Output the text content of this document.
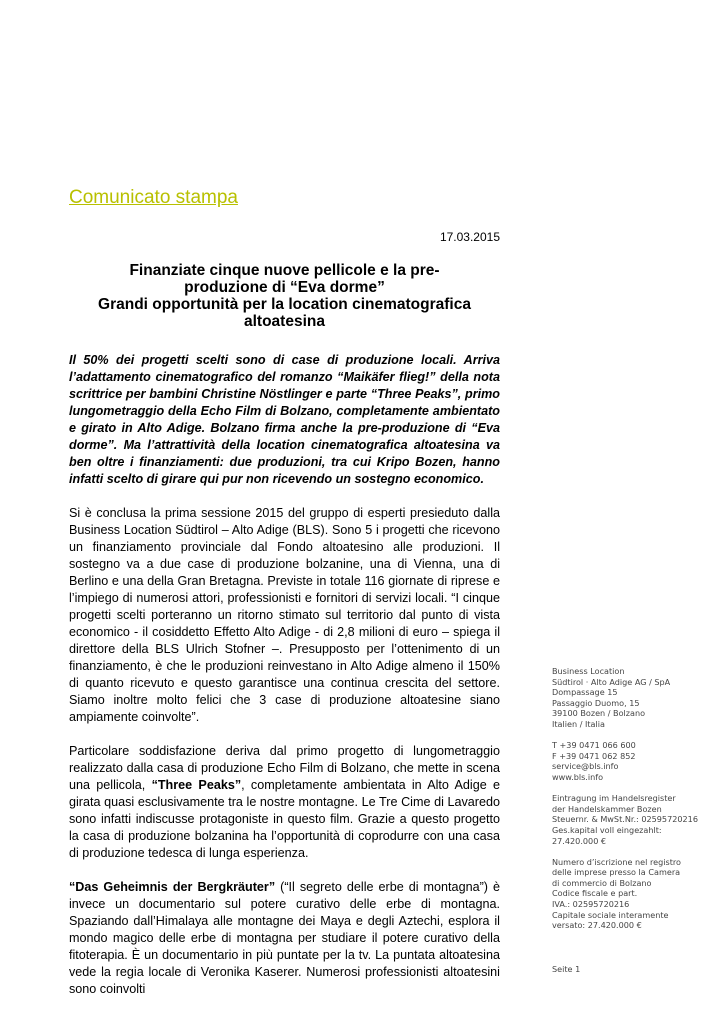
Comunicato stampa
17.03.2015
Finanziate cinque nuove pellicole e la pre-
produzione di “Eva dorme”
Grandi opportunità per la location cinematografica
altoatesina

Il 50% dei progetti scelti sono di case di produzione locali. Arriva l’adattamento cinematografico del romanzo “Maikäfer flieg!” della nota scrittrice per bambini Christine Nöstlinger e parte “Three Peaks”, primo lungometraggio della Echo Film di Bolzano, completamente ambientato e girato in Alto Adige. Bolzano firma anche la pre-produzione di “Eva dorme”. Ma l’attrattività della location cinematografica altoatesina va ben oltre i finanziamenti: due produzioni, tra cui Kripo Bozen, hanno infatti scelto di girare qui pur non ricevendo un sostegno economico.

Si è conclusa la prima sessione 2015 del gruppo di esperti presieduto dalla Business Location Südtirol – Alto Adige (BLS). Sono 5 i progetti che ricevono un finanziamento provinciale dal Fondo altoatesino alle produzioni. Il sostegno va a due case di produzione bolzanine, una di Vienna, una di Berlino e una della Gran Bretagna. Previste in totale 116 giornate di riprese e l’impiego di numerosi attori, professionisti e fornitori di servizi locali. “I cinque progetti scelti porteranno un ritorno stimato sul territorio dal punto di vista economico - il cosiddetto Effetto Alto Adige - di 2,8 milioni di euro – spiega il direttore della BLS Ulrich Stofner –. Presupposto per l’ottenimento di un finanziamento, è che le produzioni reinvestano in Alto Adige almeno il 150% di quanto ricevuto e questo garantisce una continua crescita del settore. Siamo inoltre molto felici che 3 case di produzione altoatesine siano ampiamente coinvolte”.

Particolare soddisfazione deriva dal primo progetto di lungometraggio realizzato dalla casa di produzione Echo Film di Bolzano, che mette in scena una pellicola, “Three Peaks”, completamente ambientata in Alto Adige e girata quasi esclusivamente tra le nostre montagne. Le Tre Cime di Lavaredo sono infatti indiscusse protagoniste in questo film. Grazie a questo progetto la casa di produzione bolzanina ha l’opportunità di coprodurre con una casa di produzione tedesca di lunga esperienza.

“Das Geheimnis der Bergkräuter” (“Il segreto delle erbe di montagna”) è invece un documentario sul potere curativo delle erbe di montagna. Spaziando dall’Himalaya alle montagne dei Maya e degli Aztechi, esplora il mondo magico delle erbe di montagna per studiare il potere curativo della fitoterapia. È un documentario in più puntate per la tv. La puntata altoatesina vede la regia locale di Veronika Kaserer. Numerosi professionisti altoatesini sono coinvolti

Business Location
Südtirol · Alto Adige AG / SpA
Dompassage 15
Passaggio Duomo, 15
39100 Bozen / Bolzano
Italien / Italia
T +39 0471 066 600
F +39 0471 062 852
service@bls.info
www.bls.info
Eintragung im Handelsregister
der Handelskammer Bozen
Steuernr. & MwSt.Nr.: 02595720216
Ges.kapital voll eingezahlt:
27.420.000 €
Numero d’iscrizione nel registro
delle imprese presso la Camera
di commercio di Bolzano
Codice fiscale e part.
IVA.: 02595720216
Capitale sociale interamente
versato: 27.420.000 €
Seite 1
